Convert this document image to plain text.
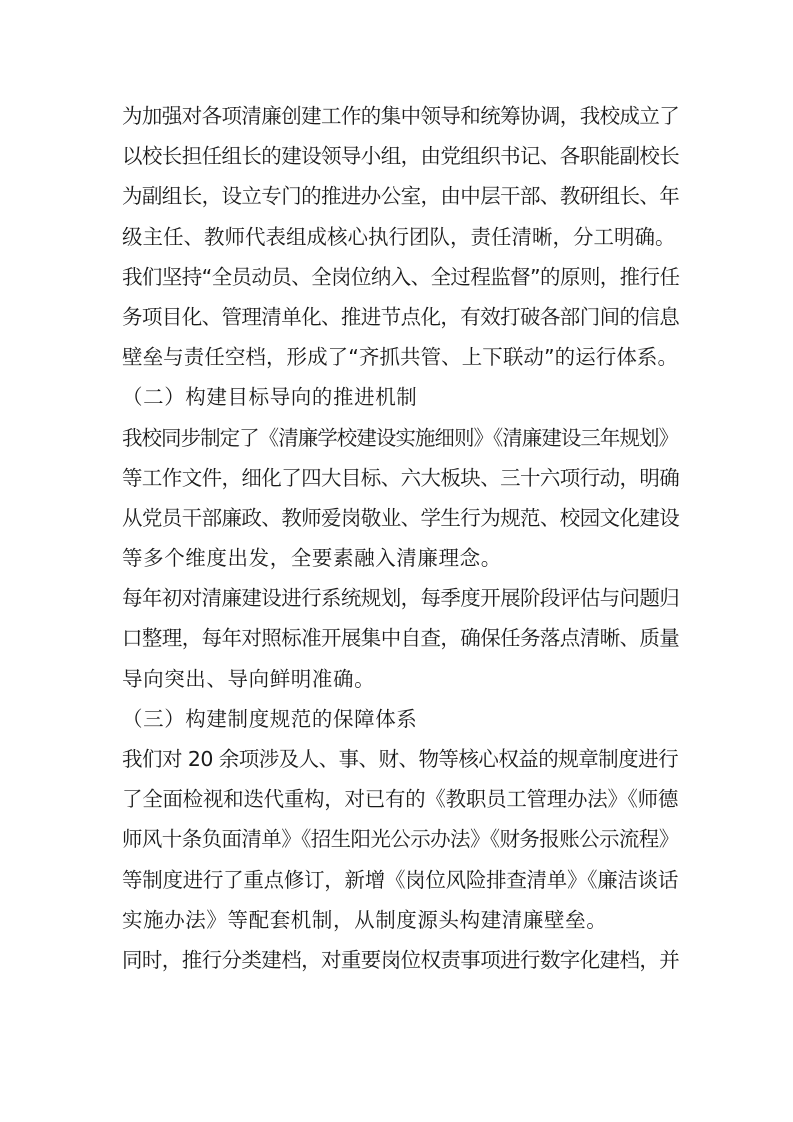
为加强对各项清廉创建工作的集中领导和统筹协调，我校成立了
以校长担任组长的建设领导小组，由党组织书记、各职能副校长
为副组长，设立专门的推进办公室，由中层干部、教研组长、年
级主任、教师代表组成核心执行团队，责任清晰，分工明确。
我们坚持“全员动员、全岗位纳入、全过程监督”的原则，推行任
务项目化、管理清单化、推进节点化，有效打破各部门间的信息
壁垒与责任空档，形成了“齐抓共管、上下联动”的运行体系。
（二）构建目标导向的推进机制
我校同步制定了《清廉学校建设实施细则》《清廉建设三年规划》
等工作文件，细化了四大目标、六大板块、三十六项行动，明确
从党员干部廉政、教师爱岗敬业、学生行为规范、校园文化建设
等多个维度出发，全要素融入清廉理念。
每年初对清廉建设进行系统规划，每季度开展阶段评估与问题归
口整理，每年对照标准开展集中自查，确保任务落点清晰、质量
导向突出、导向鲜明准确。
（三）构建制度规范的保障体系
我们对 20 余项涉及人、事、财、物等核心权益的规章制度进行
了全面检视和迭代重构，对已有的《教职员工管理办法》《师德
师风十条负面清单》《招生阳光公示办法》《财务报账公示流程》
等制度进行了重点修订，新增《岗位风险排查清单》《廉洁谈话
实施办法》等配套机制，从制度源头构建清廉壁垒。
同时，推行分类建档，对重要岗位权责事项进行数字化建档，并
